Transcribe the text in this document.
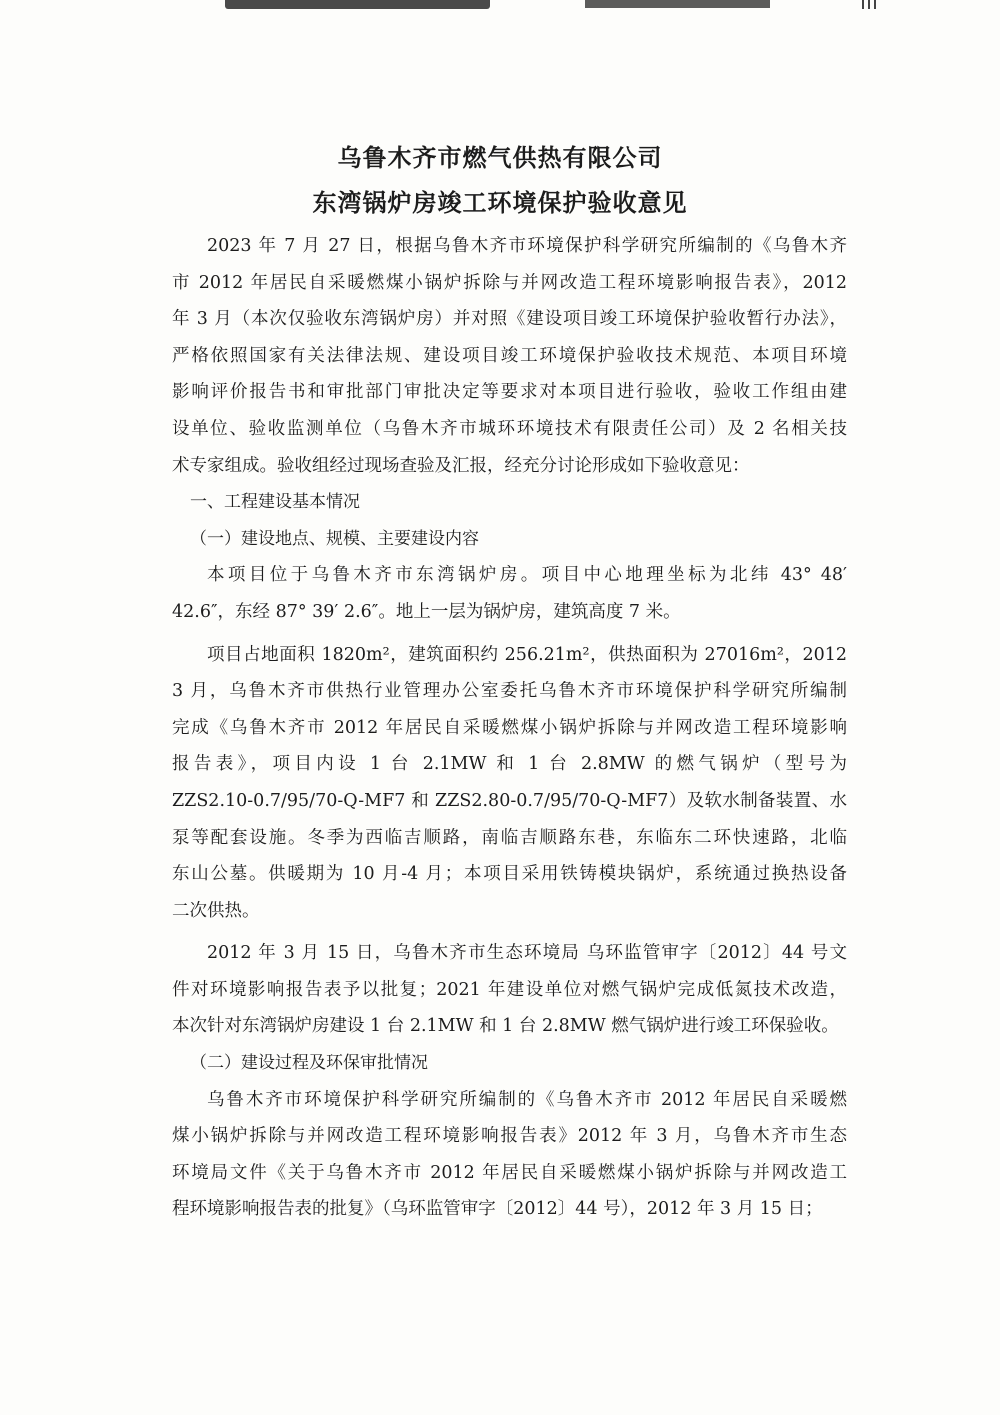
乌鲁木齐市燃气供热有限公司
东湾锅炉房竣工环境保护验收意见
2023 年 7 月 27 日，根据乌鲁木齐市环境保护科学研究所编制的《乌鲁木齐
市 2012 年居民自采暖燃煤小锅炉拆除与并网改造工程环境影响报告表》，2012
年 3 月（本次仅验收东湾锅炉房）并对照《建设项目竣工环境保护验收暂行办法》，
严格依照国家有关法律法规、建设项目竣工环境保护验收技术规范、本项目环境
影响评价报告书和审批部门审批决定等要求对本项目进行验收，验收工作组由建
设单位、验收监测单位（乌鲁木齐市城环环境技术有限责任公司）及 2 名相关技
术专家组成。验收组经过现场查验及汇报，经充分讨论形成如下验收意见：
一、工程建设基本情况
（一）建设地点、规模、主要建设内容
本项目位于乌鲁木齐市东湾锅炉房。项目中心地理坐标为北纬 43° 48′
42.6″，东经 87° 39′ 2.6″。地上一层为锅炉房，建筑高度 7 米。
项目占地面积 1820m²，建筑面积约 256.21m²，供热面积为 27016m²，2012
3 月，乌鲁木齐市供热行业管理办公室委托乌鲁木齐市环境保护科学研究所编制
完成《乌鲁木齐市 2012 年居民自采暖燃煤小锅炉拆除与并网改造工程环境影响
报告表》，项目内设 1 台 2.1MW 和 1 台 2.8MW 的燃气锅炉（型号为
ZZS2.10-0.7/95/70-Q-MF7 和 ZZS2.80-0.7/95/70-Q-MF7）及软水制备装置、水
泵等配套设施。冬季为西临吉顺路，南临吉顺路东巷，东临东二环快速路，北临
东山公墓。供暖期为 10 月-4 月；本项目采用铁铸模块锅炉，系统通过换热设备
二次供热。
2012 年 3 月 15 日，乌鲁木齐市生态环境局 乌环监管审字〔2012〕44 号文
件对环境影响报告表予以批复；2021 年建设单位对燃气锅炉完成低氮技术改造，
本次针对东湾锅炉房建设 1 台 2.1MW 和 1 台 2.8MW 燃气锅炉进行竣工环保验收。
（二）建设过程及环保审批情况
乌鲁木齐市环境保护科学研究所编制的《乌鲁木齐市 2012 年居民自采暖燃
煤小锅炉拆除与并网改造工程环境影响报告表》2012 年 3 月，乌鲁木齐市生态
环境局文件《关于乌鲁木齐市 2012 年居民自采暖燃煤小锅炉拆除与并网改造工
程环境影响报告表的批复》（乌环监管审字〔2012〕44 号），2012 年 3 月 15 日；
